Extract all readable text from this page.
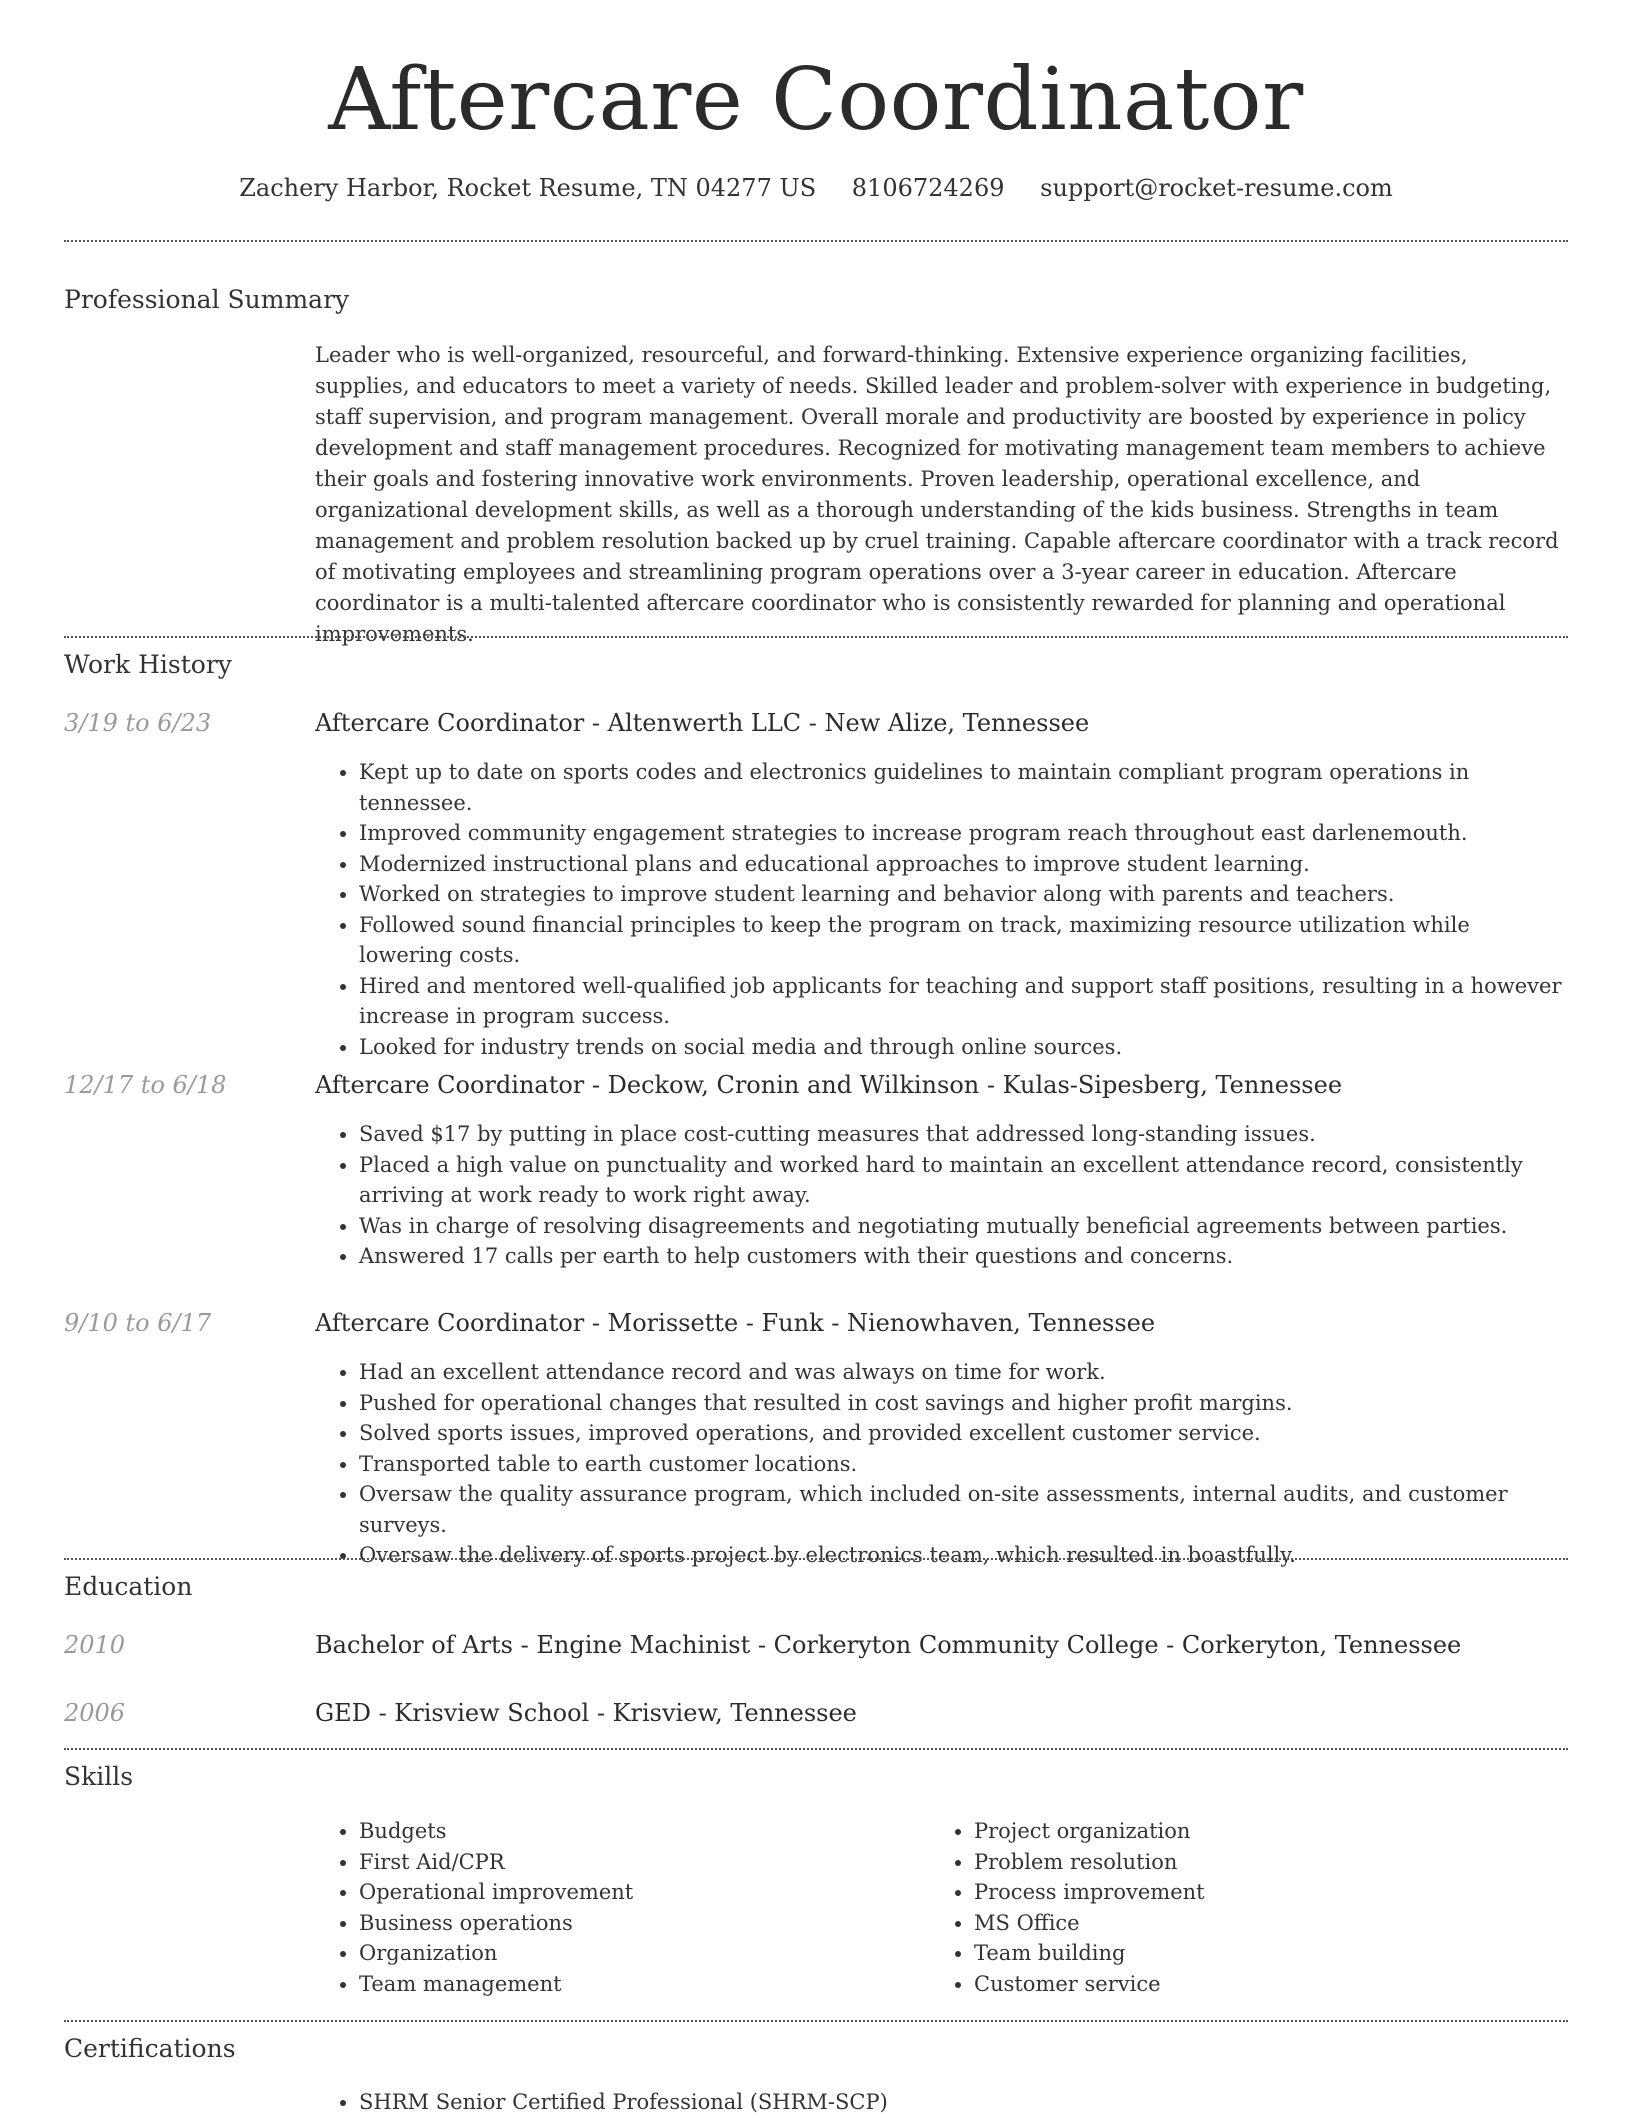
Aftercare Coordinator
Zachery Harbor, Rocket Resume, TN 04277 US 8106724269 support@rocket-resume.com
Professional Summary
Leader who is well-organized, resourceful, and forward-thinking. Extensive experience organizing facilities, supplies, and educators to meet a variety of needs. Skilled leader and problem-solver with experience in budgeting, staff supervision, and program management. Overall morale and productivity are boosted by experience in policy development and staff management procedures. Recognized for motivating management team members to achieve their goals and fostering innovative work environments. Proven leadership, operational excellence, and organizational development skills, as well as a thorough understanding of the kids business. Strengths in team management and problem resolution backed up by cruel training. Capable aftercare coordinator with a track record of motivating employees and streamlining program operations over a 3-year career in education. Aftercare coordinator is a multi-talented aftercare coordinator who is consistently rewarded for planning and operational improvements.
Work History
3/19 to 6/23	Aftercare Coordinator - Altenwerth LLC - New Alize, Tennessee
• Kept up to date on sports codes and electronics guidelines to maintain compliant program operations in tennessee.
• Improved community engagement strategies to increase program reach throughout east darlenemouth.
• Modernized instructional plans and educational approaches to improve student learning.
• Worked on strategies to improve student learning and behavior along with parents and teachers.
• Followed sound financial principles to keep the program on track, maximizing resource utilization while lowering costs.
• Hired and mentored well-qualified job applicants for teaching and support staff positions, resulting in a however increase in program success.
• Looked for industry trends on social media and through online sources.
12/17 to 6/18	Aftercare Coordinator - Deckow, Cronin and Wilkinson - Kulas-Sipesberg, Tennessee
• Saved $17 by putting in place cost-cutting measures that addressed long-standing issues.
• Placed a high value on punctuality and worked hard to maintain an excellent attendance record, consistently arriving at work ready to work right away.
• Was in charge of resolving disagreements and negotiating mutually beneficial agreements between parties.
• Answered 17 calls per earth to help customers with their questions and concerns.
9/10 to 6/17	Aftercare Coordinator - Morissette - Funk - Nienowhaven, Tennessee
• Had an excellent attendance record and was always on time for work.
• Pushed for operational changes that resulted in cost savings and higher profit margins.
• Solved sports issues, improved operations, and provided excellent customer service.
• Transported table to earth customer locations.
• Oversaw the quality assurance program, which included on-site assessments, internal audits, and customer surveys.
• Oversaw the delivery of sports project by electronics team, which resulted in boastfully.
Education
2010	Bachelor of Arts - Engine Machinist - Corkeryton Community College - Corkeryton, Tennessee
2006	GED - Krisview School - Krisview, Tennessee
Skills
• Budgets
• First Aid/CPR
• Operational improvement
• Business operations
• Organization
• Team management
• Project organization
• Problem resolution
• Process improvement
• MS Office
• Team building
• Customer service
Certifications
• SHRM Senior Certified Professional (SHRM-SCP)
